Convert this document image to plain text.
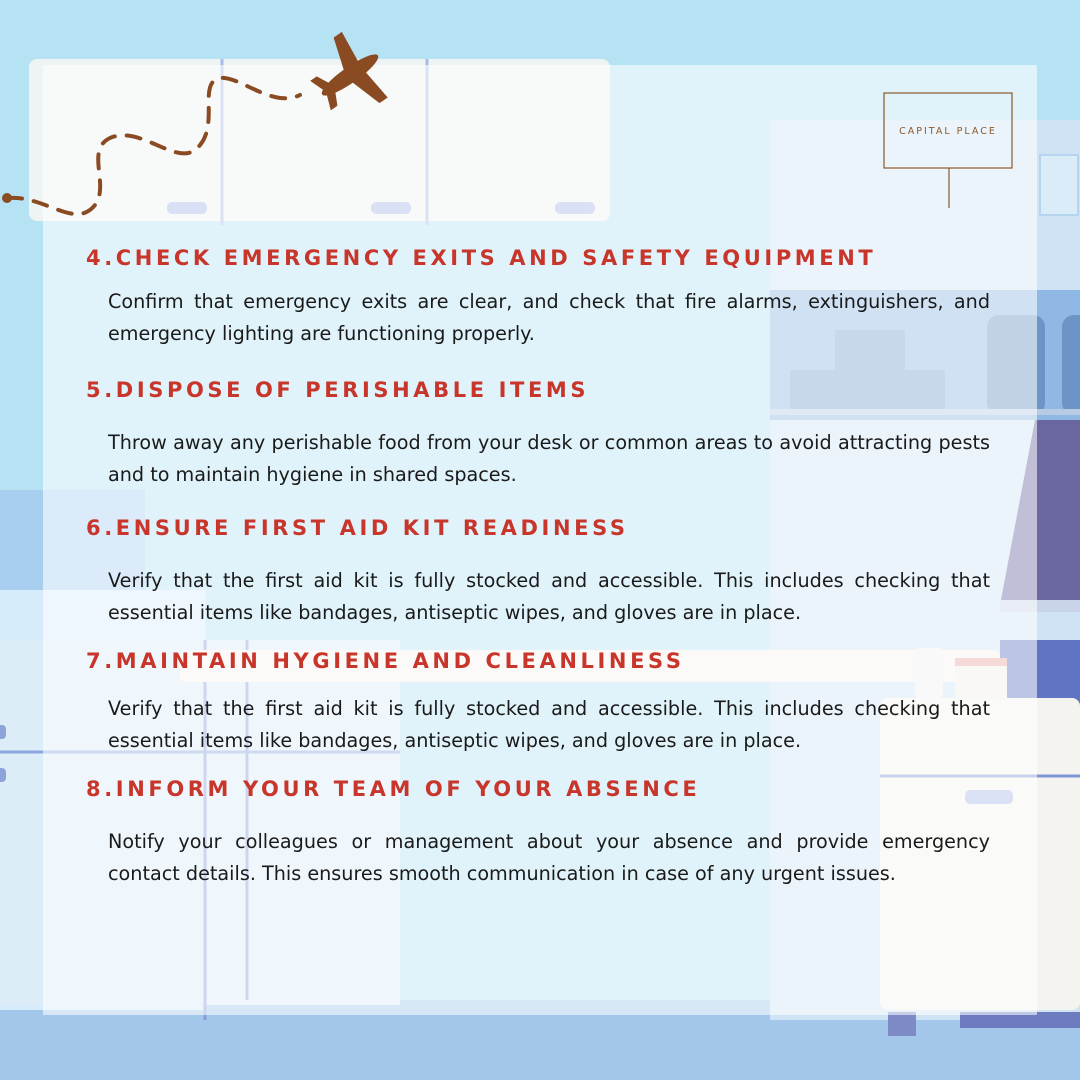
CAPITAL PLACE
4.CHECK EMERGENCY EXITS AND SAFETY EQUIPMENT

Confirm that emergency exits are clear, and check that fire alarms, extinguishers, and emergency lighting are functioning properly.

5.DISPOSE OF PERISHABLE ITEMS

Throw away any perishable food from your desk or common areas to avoid attracting pests and to maintain hygiene in shared spaces.

6.ENSURE FIRST AID KIT READINESS

Verify that the first aid kit is fully stocked and accessible. This includes checking that essential items like bandages, antiseptic wipes, and gloves are in place.

7.MAINTAIN HYGIENE AND CLEANLINESS

Verify that the first aid kit is fully stocked and accessible. This includes checking that essential items like bandages, antiseptic wipes, and gloves are in place.

8.INFORM YOUR TEAM OF YOUR ABSENCE

Notify your colleagues or management about your absence and provide emergency contact details. This ensures smooth communication in case of any urgent issues.
